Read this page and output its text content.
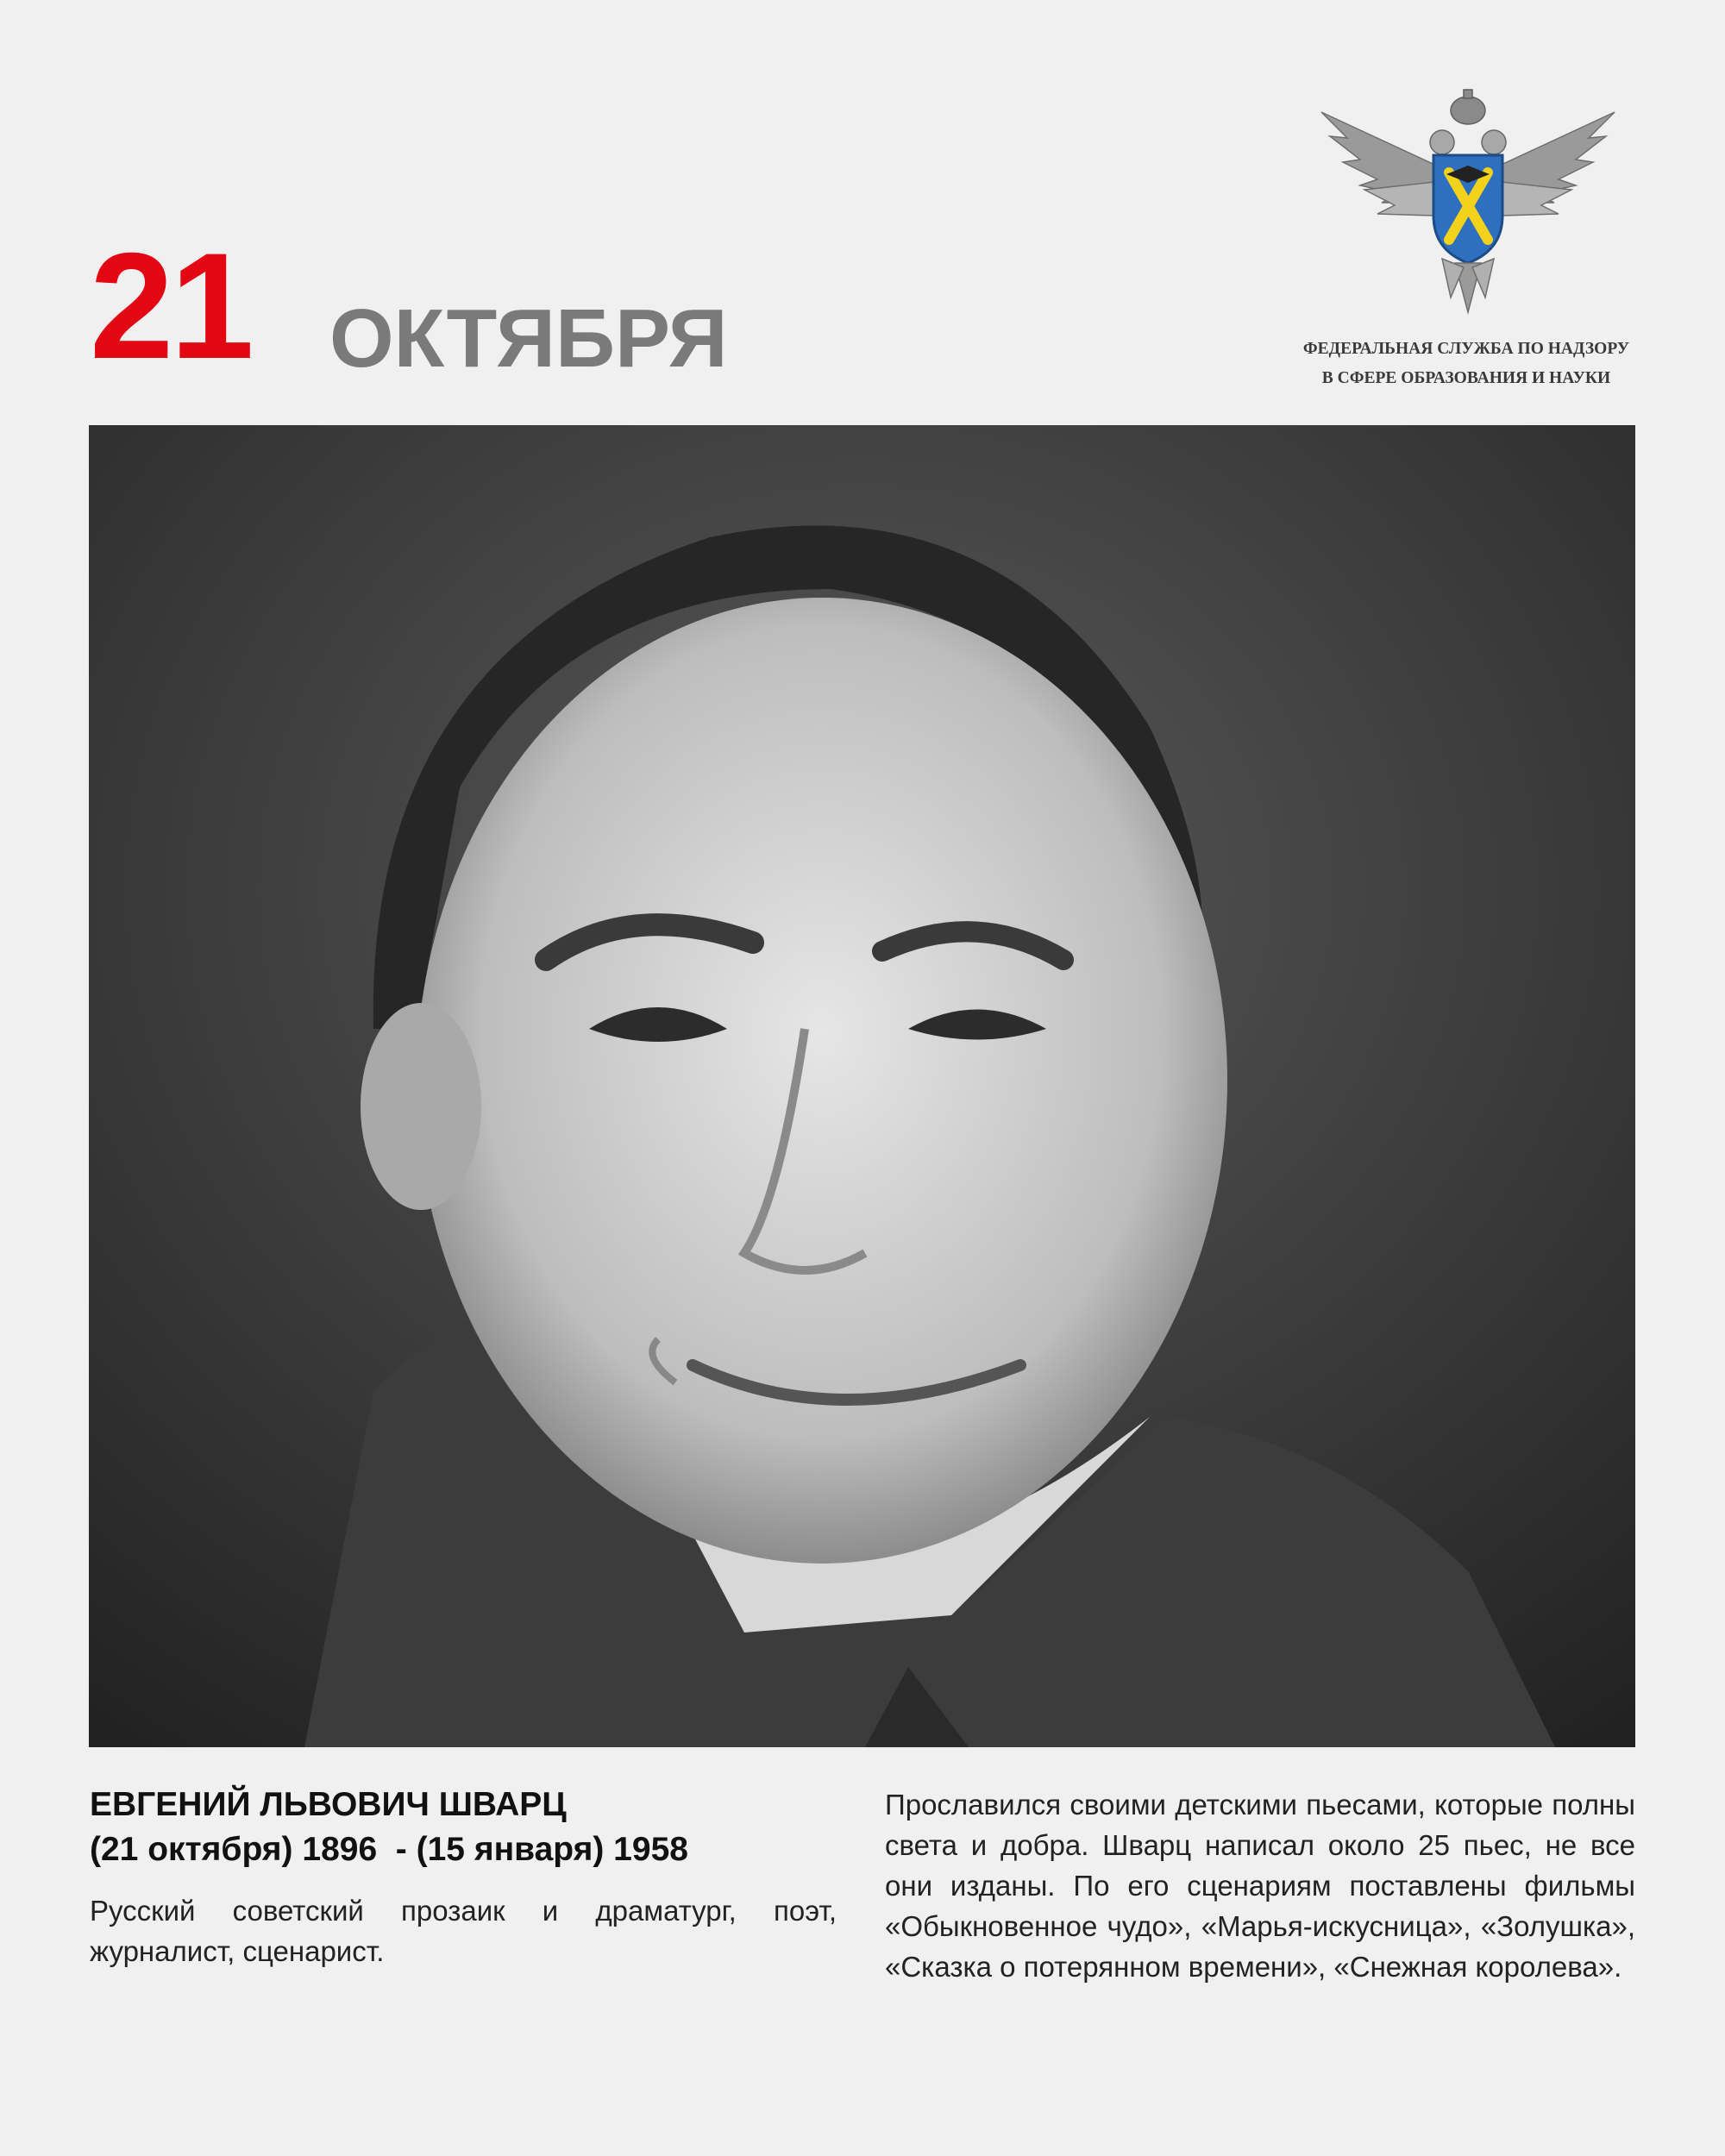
21 ОКТЯБРЯ	ФЕДЕРАЛЬНАЯ СЛУЖБА ПО НАДЗОРУ
В СФЕРЕ ОБРАЗОВАНИЯ И НАУКИ
ЕВГЕНИЙ ЛЬВОВИЧ ШВАРЦ
(21 октября) 1896  - (15 января) 1958
Русский советский прозаик и драматург, поэт, журналист, сценарист.
Прославился своими детскими пьесами, которые полны света и добра. Шварц написал около 25 пьес, не все они изданы. По его сценариям поставлены фильмы «Обыкновенное чудо», «Марья-искусница», «Золушка», «Сказка о потерянном времени», «Снежная королева».
